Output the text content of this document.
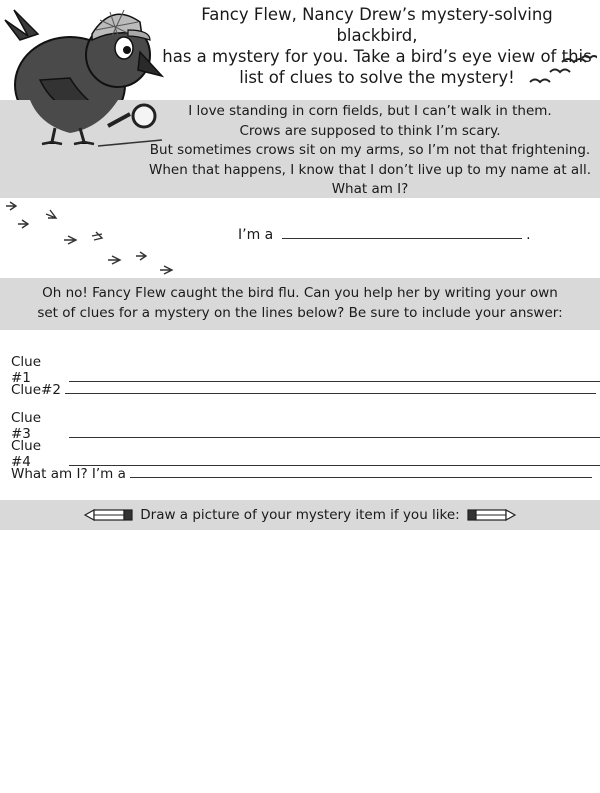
Fancy Flew, Nancy Drew’s mystery-solving blackbird,
has a mystery for you. Take a bird’s eye view of this
list of clues to solve the mystery!
I love standing in corn fields, but I can’t walk in them.
Crows are supposed to think I’m scary.
But sometimes crows sit on my arms, so I’m not that frightening.
When that happens, I know that I don’t live up to my name at all.
What am I?
I’m a	.
Oh no! Fancy Flew caught the bird flu. Can you help her by writing your own
set of clues for a mystery on the lines below? Be sure to include your answer:
Clue #1
Clue#2
Clue #3
Clue #4
What am I? I’m a
Draw a picture of your mystery item if you like:
